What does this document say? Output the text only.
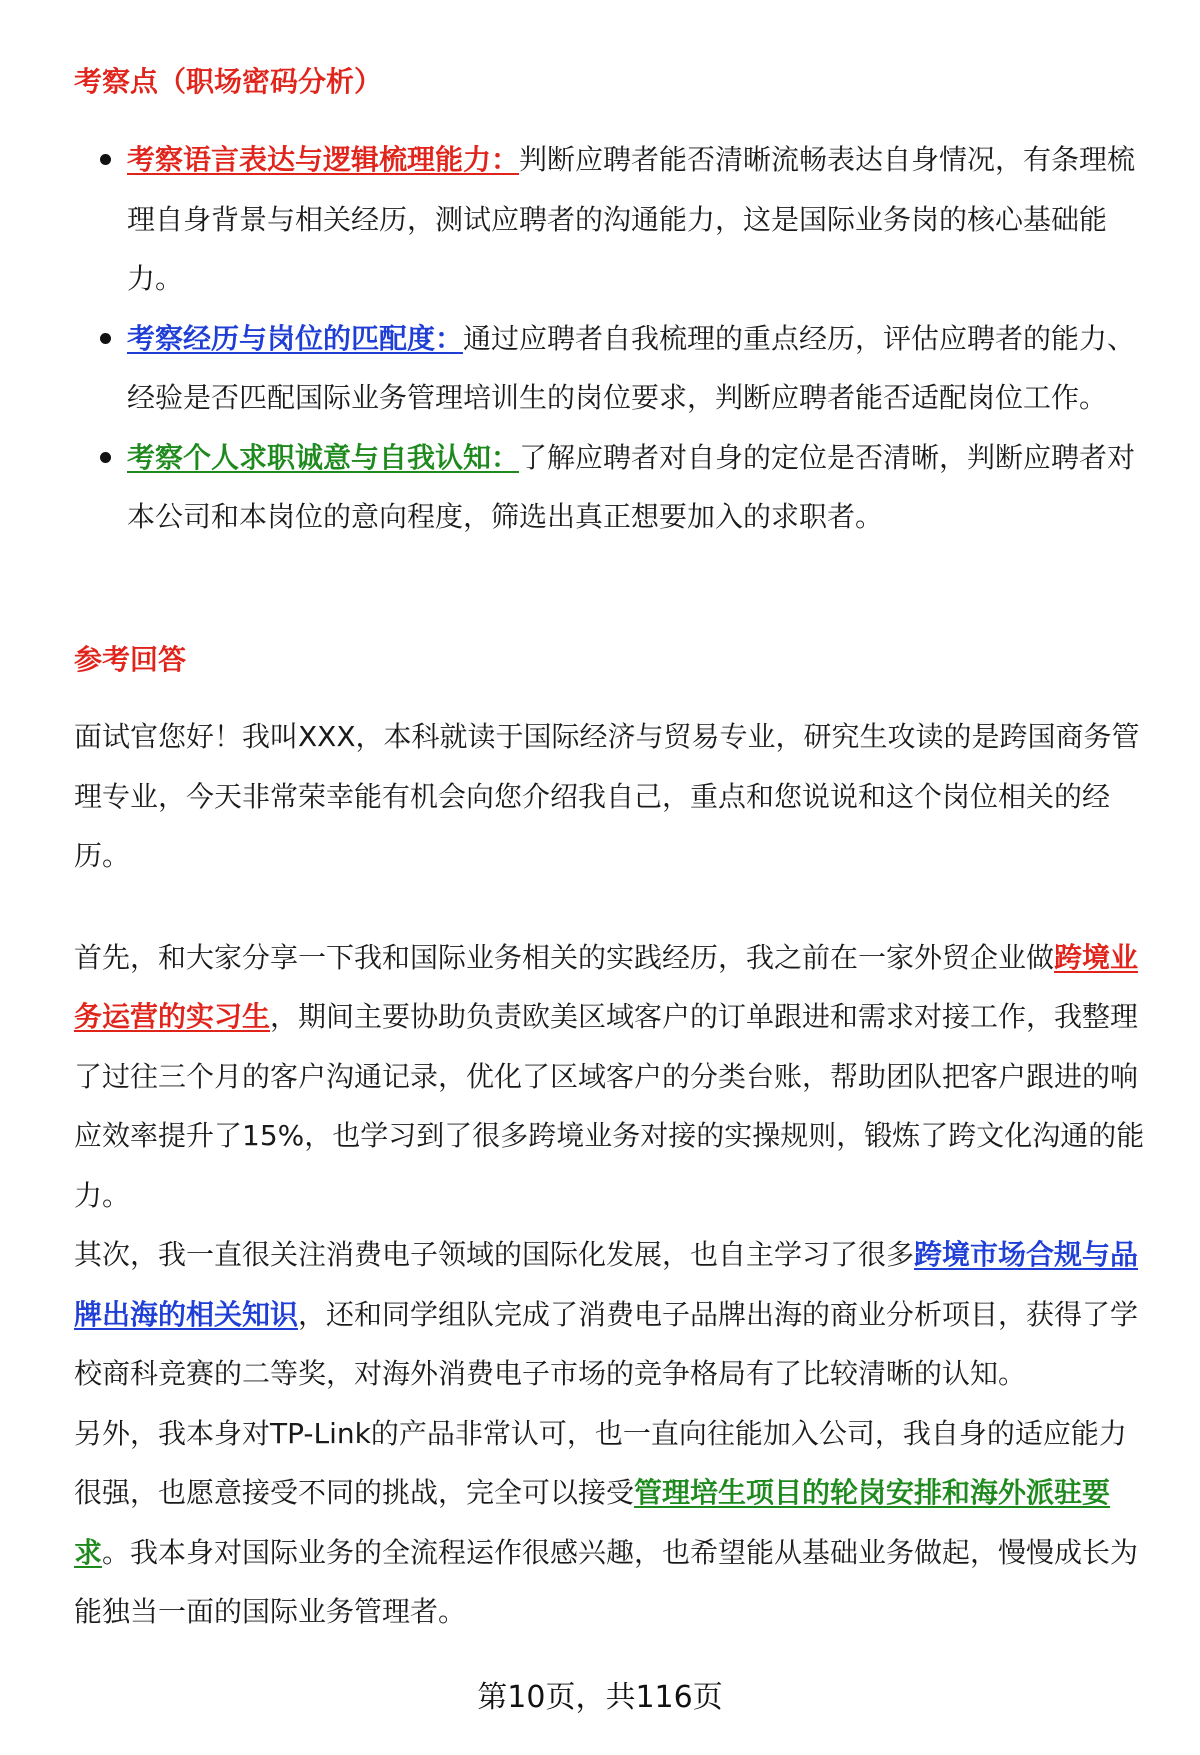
考察点（职场密码分析）
考察语言表达与逻辑梳理能力：判断应聘者能否清晰流畅表达自身情况，有条理梳理自身背景与相关经历，测试应聘者的沟通能力，这是国际业务岗的核心基础能力。
考察经历与岗位的匹配度：通过应聘者自我梳理的重点经历，评估应聘者的能力、经验是否匹配国际业务管理培训生的岗位要求，判断应聘者能否适配岗位工作。
考察个人求职诚意与自我认知：了解应聘者对自身的定位是否清晰，判断应聘者对本公司和本岗位的意向程度，筛选出真正想要加入的求职者。
参考回答

面试官您好！我叫XXX，本科就读于国际经济与贸易专业，研究生攻读的是跨国商务管理专业，今天非常荣幸能有机会向您介绍我自己，重点和您说说和这个岗位相关的经历。

首先，和大家分享一下我和国际业务相关的实践经历，我之前在一家外贸企业做跨境业务运营的实习生，期间主要协助负责欧美区域客户的订单跟进和需求对接工作，我整理了过往三个月的客户沟通记录，优化了区域客户的分类台账，帮助团队把客户跟进的响应效率提升了15%，也学习到了很多跨境业务对接的实操规则，锻炼了跨文化沟通的能力。

其次，我一直很关注消费电子领域的国际化发展，也自主学习了很多跨境市场合规与品牌出海的相关知识，还和同学组队完成了消费电子品牌出海的商业分析项目，获得了学校商科竞赛的二等奖，对海外消费电子市场的竞争格局有了比较清晰的认知。

另外，我本身对TP-Link的产品非常认可，也一直向往能加入公司，我自身的适应能力很强，也愿意接受不同的挑战，完全可以接受管理培生项目的轮岗安排和海外派驻要求。我本身对国际业务的全流程运作很感兴趣，也希望能从基础业务做起，慢慢成长为能独当一面的国际业务管理者。

第10页，共116页
